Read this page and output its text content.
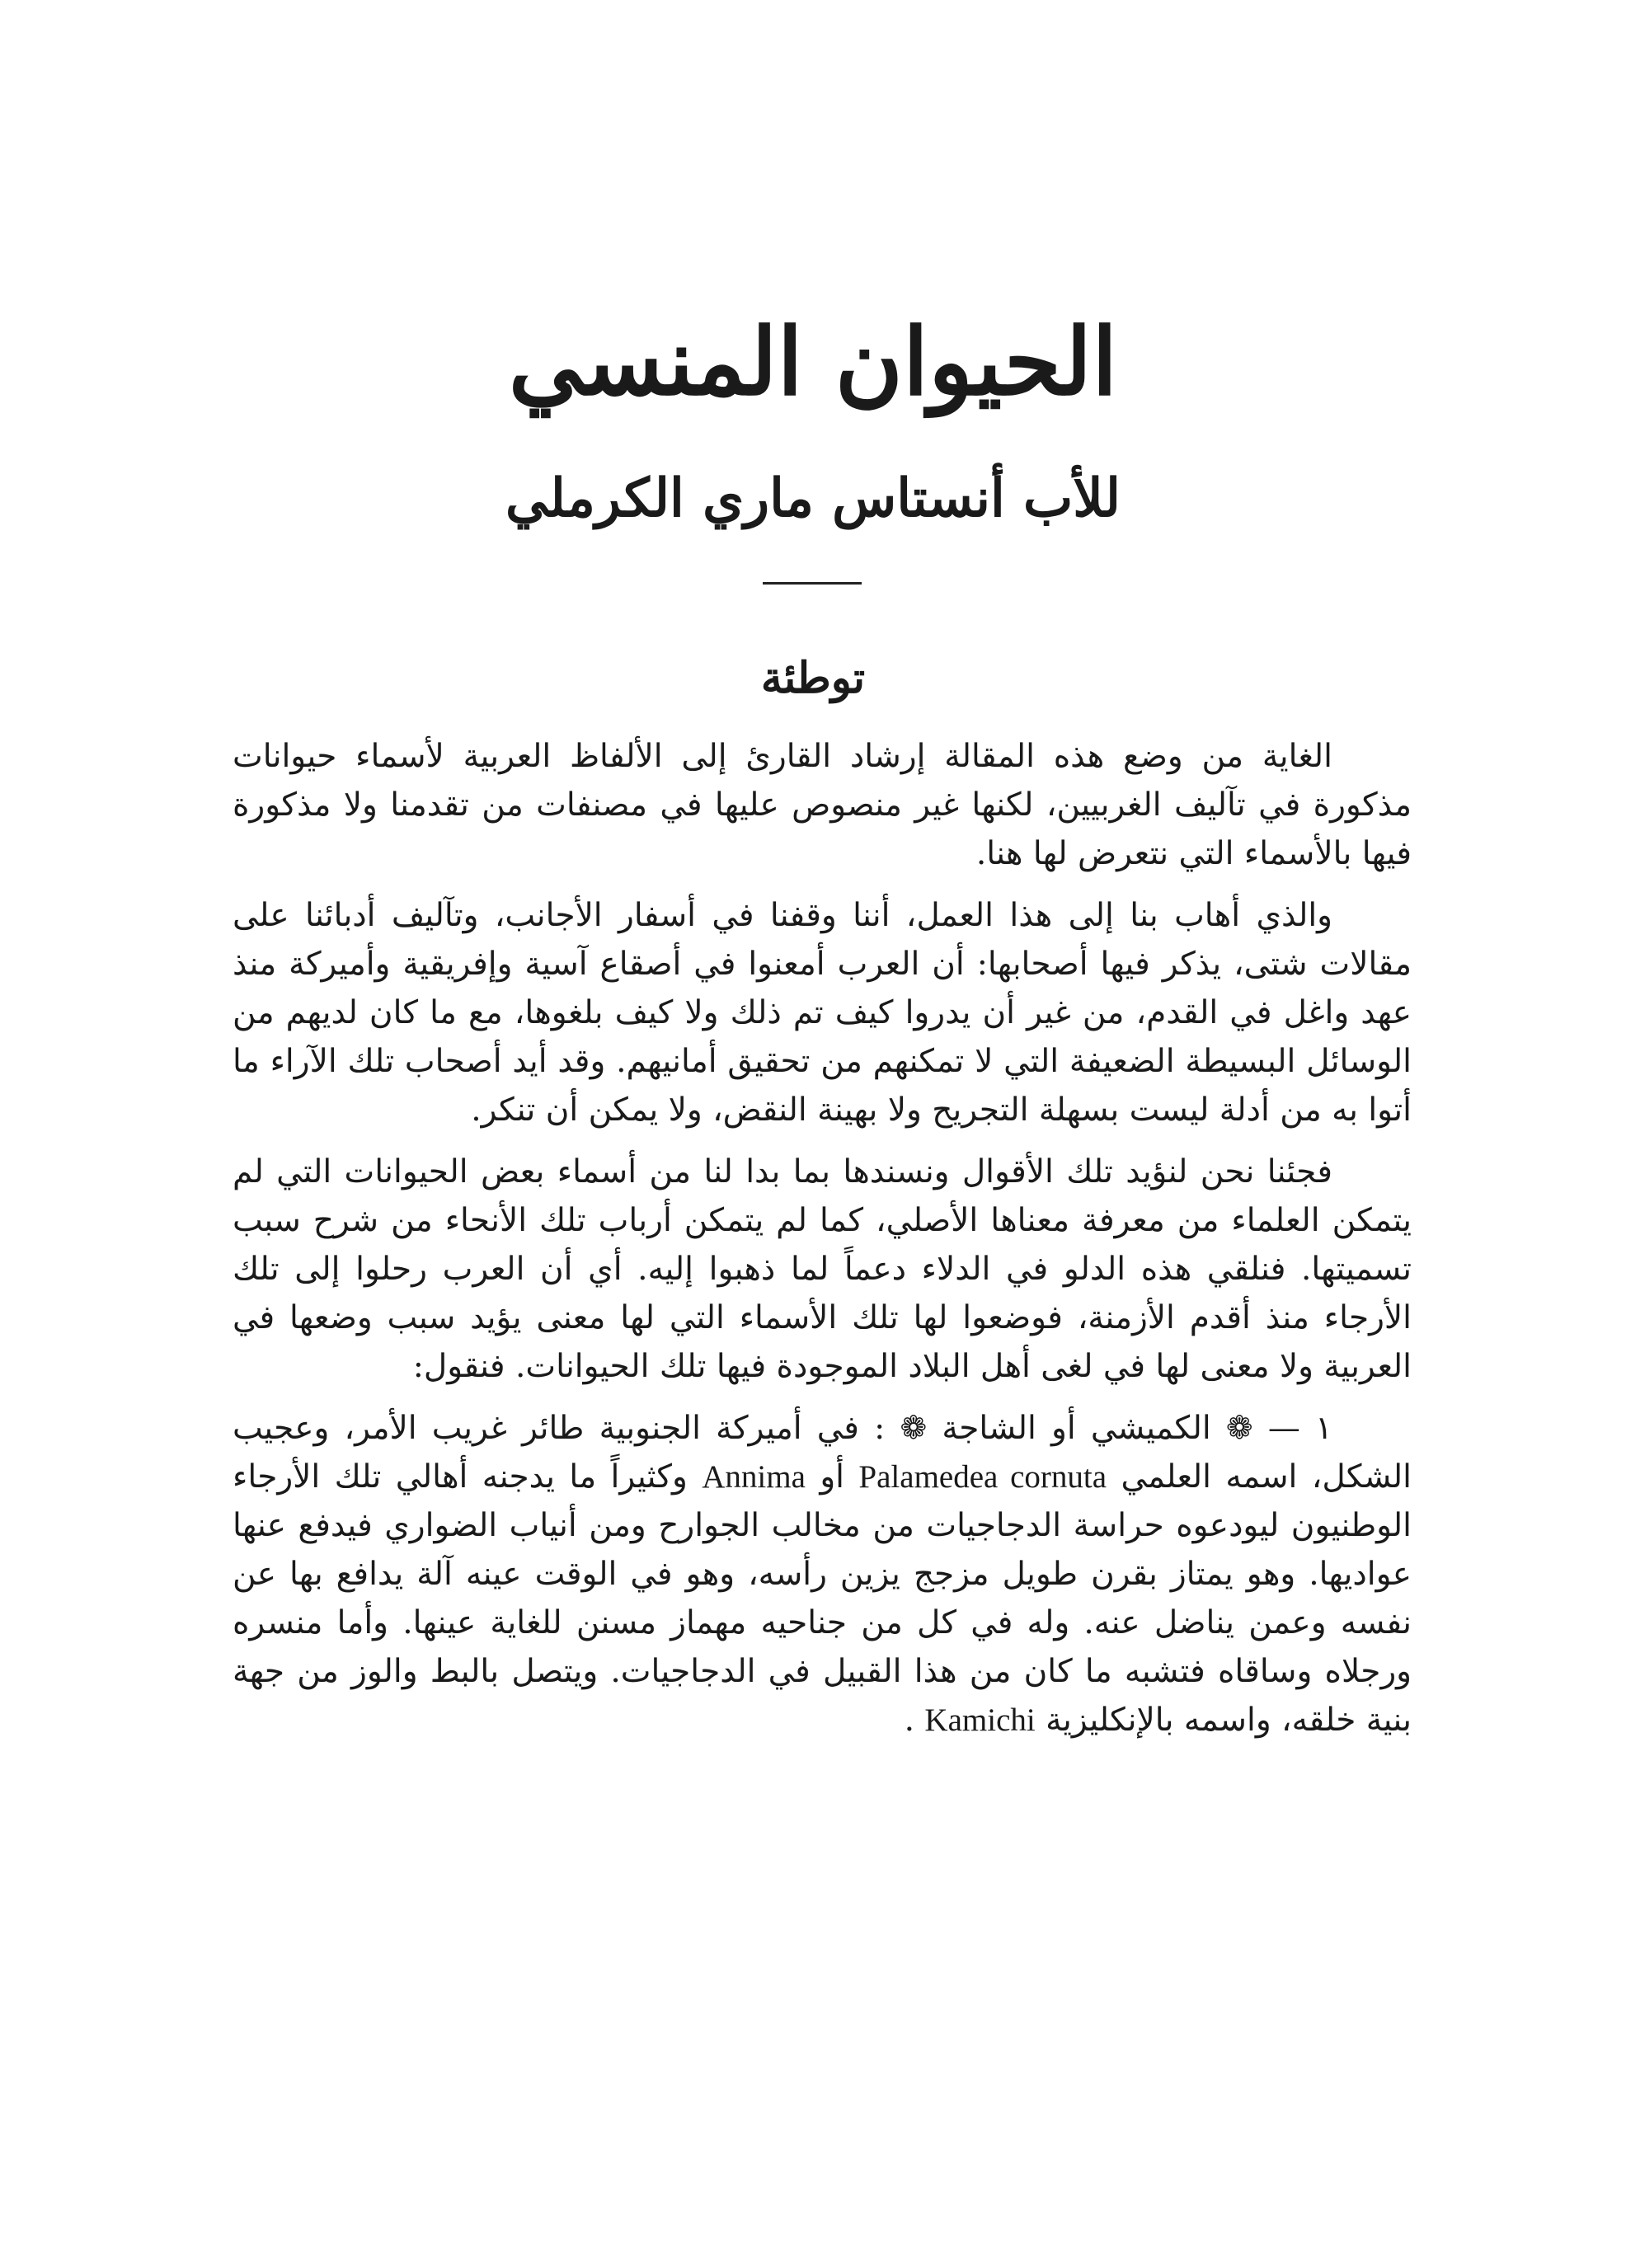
الحيوان المنسي
للأب أنستاس ماري الكرملي
توطئة

الغاية من وضع هذه المقالة إرشاد القارئ إلى الألفاظ العربية لأسماء حيوانات مذكورة في تآليف الغربيين، لكنها غير منصوص عليها في مصنفات من تقدمنا ولا مذكورة فيها بالأسماء التي نتعرض لها هنا.

والذي أهاب بنا إلى هذا العمل، أننا وقفنا في أسفار الأجانب، وتآليف أدبائنا على مقالات شتى، يذكر فيها أصحابها: أن العرب أمعنوا في أصقاع آسية وإفريقية وأميركة منذ عهد واغل في القدم، من غير أن يدروا كيف تم ذلك ولا كيف بلغوها، مع ما كان لديهم من الوسائل البسيطة الضعيفة التي لا تمكنهم من تحقيق أمانيهم. وقد أيد أصحاب تلك الآراء ما أتوا به من أدلة ليست بسهلة التجريح ولا بهينة النقض، ولا يمكن أن تنكر.

فجئنا نحن لنؤيد تلك الأقوال ونسندها بما بدا لنا من أسماء بعض الحيوانات التي لم يتمكن العلماء من معرفة معناها الأصلي، كما لم يتمكن أرباب تلك الأنحاء من شرح سبب تسميتها. فنلقي هذه الدلو في الدلاء دعماً لما ذهبوا إليه. أي أن العرب رحلوا إلى تلك الأرجاء منذ أقدم الأزمنة، فوضعوا لها تلك الأسماء التي لها معنى يؤيد سبب وضعها في العربية ولا معنى لها في لغى أهل البلاد الموجودة فيها تلك الحيوانات. فنقول:

١ — ❁ الكميشي أو الشاجة ❁ : في أميركة الجنوبية طائر غريب الأمر، وعجيب الشكل، اسمه العلمي Palamedea cornuta أو Annima وكثيراً ما يدجنه أهالي تلك الأرجاء الوطنيون ليودعوه حراسة الدجاجيات من مخالب الجوارح ومن أنياب الضواري فيدفع عنها عواديها. وهو يمتاز بقرن طويل مزجج يزين رأسه، وهو في الوقت عينه آلة يدافع بها عن نفسه وعمن يناضل عنه. وله في كل من جناحيه مهماز مسنن للغاية عينها. وأما منسره ورجلاه وساقاه فتشبه ما كان من هذا القبيل في الدجاجيات. ويتصل بالبط والوز من جهة بنية خلقه، واسمه بالإنكليزية Kamichi .
